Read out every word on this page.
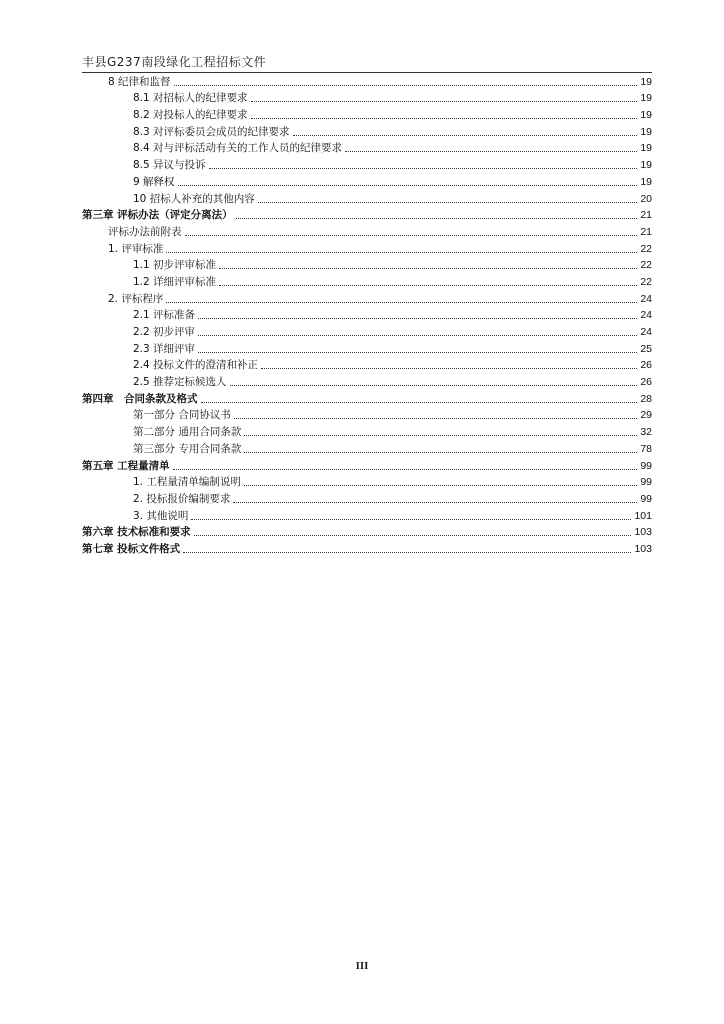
丰县G237南段绿化工程招标文件
8 纪律和监督	19
8.1 对招标人的纪律要求	19
8.2 对投标人的纪律要求	19
8.3 对评标委员会成员的纪律要求	19
8.4 对与评标活动有关的工作人员的纪律要求	19
8.5 异议与投诉	19
9 解释权	19
10 招标人补充的其他内容	20
第三章 评标办法（评定分离法）	21
评标办法前附表	21
1. 评审标准	22
1.1 初步评审标准	22
1.2 详细评审标准	22
2. 评标程序	24
2.1 评标准备	24
2.2 初步评审	24
2.3 详细评审	25
2.4 投标文件的澄清和补正	26
2.5 推荐定标候选人	26
第四章　合同条款及格式	28
第一部分 合同协议书	29
第二部分 通用合同条款	32
第三部分 专用合同条款	78
第五章 工程量清单	99
1. 工程量清单编制说明	99
2. 投标报价编制要求	99
3. 其他说明	101
第六章 技术标准和要求	103
第七章 投标文件格式	103
III
